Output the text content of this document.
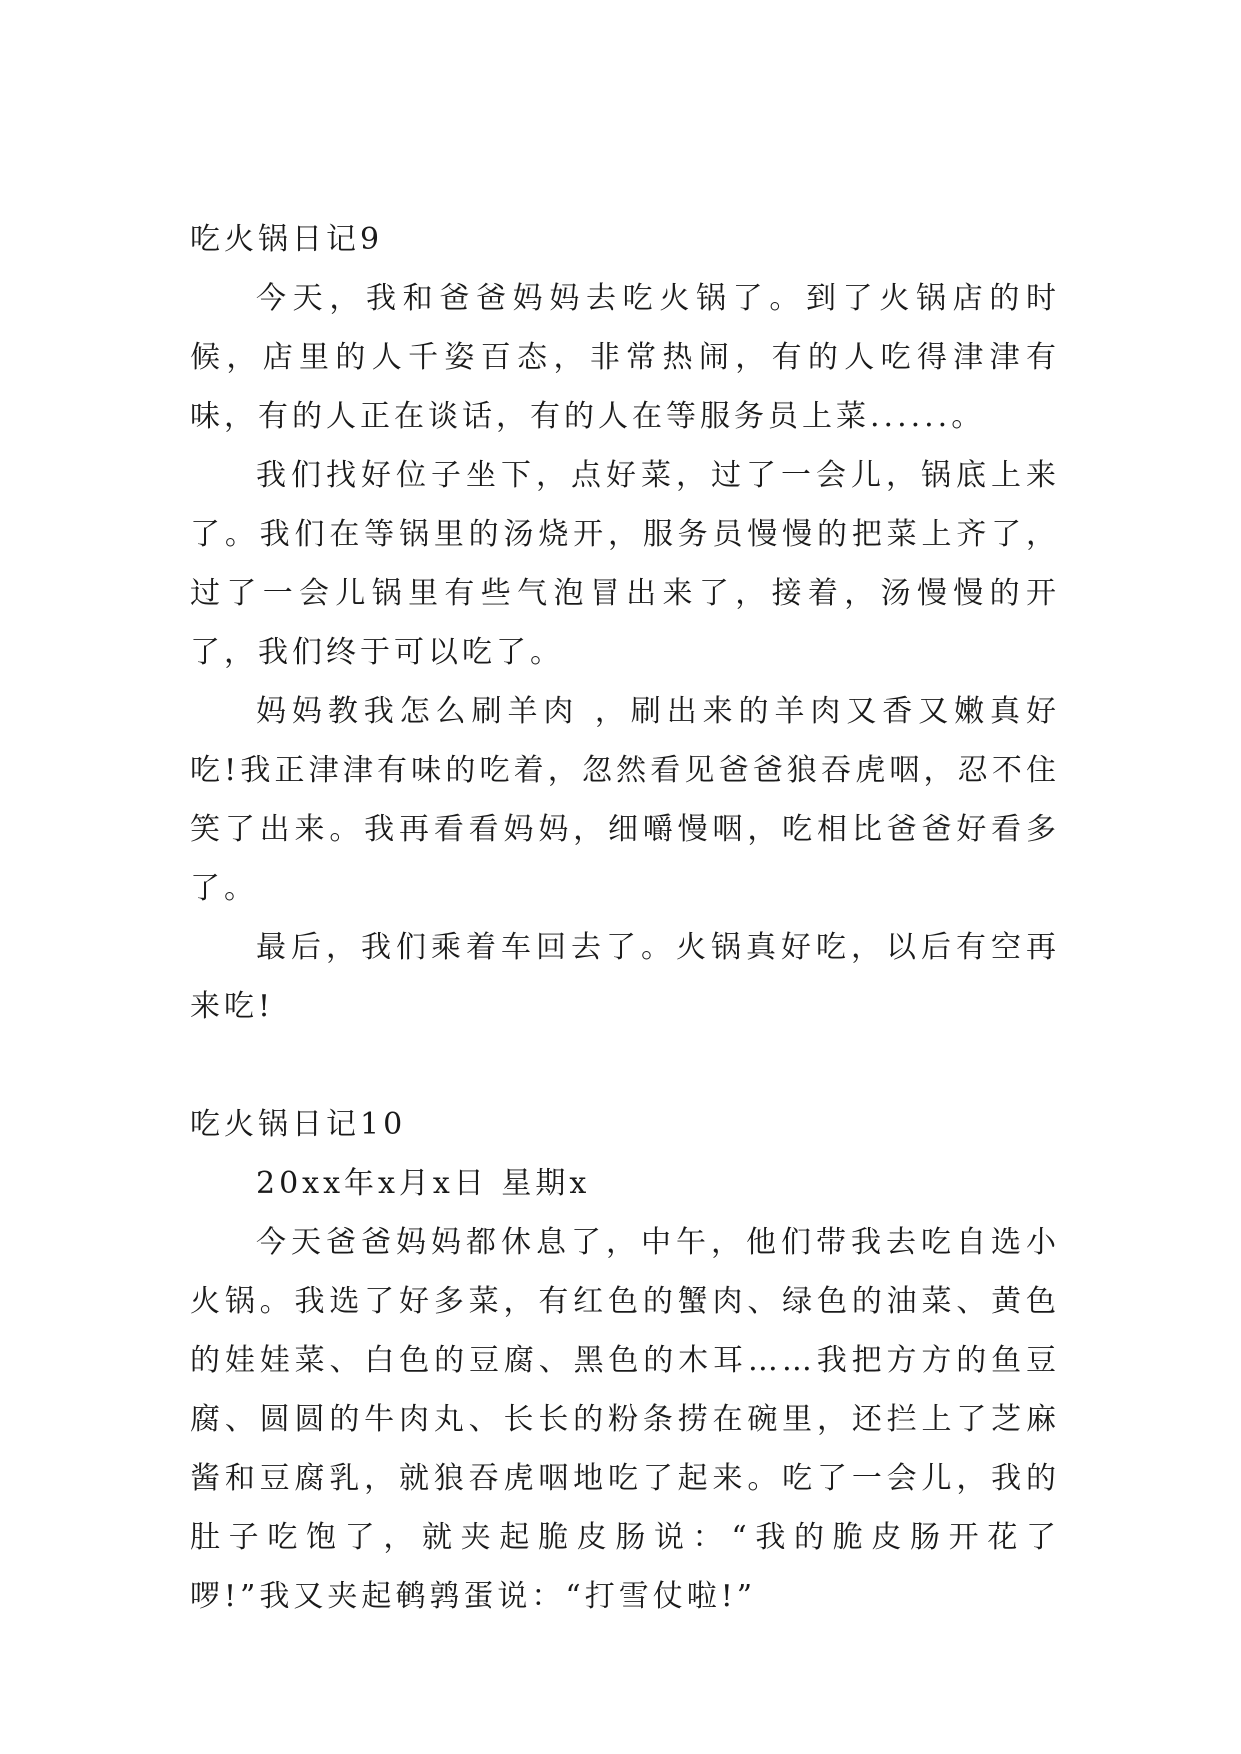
吃火锅日记9

今天，我和爸爸妈妈去吃火锅了。到了火锅店的时候，店里的人千姿百态，非常热闹，有的人吃得津津有味，有的人正在谈话，有的人在等服务员上菜......。

我们找好位子坐下，点好菜，过了一会儿，锅底上来了。我们在等锅里的汤烧开，服务员慢慢的把菜上齐了，过了一会儿锅里有些气泡冒出来了，接着，汤慢慢的开了，我们终于可以吃了。

妈妈教我怎么刷羊肉 ，刷出来的羊肉又香又嫩真好吃!我正津津有味的吃着，忽然看见爸爸狼吞虎咽，忍不住笑了出来。我再看看妈妈，细嚼慢咽，吃相比爸爸好看多了。

最后，我们乘着车回去了。火锅真好吃，以后有空再来吃!

吃火锅日记10

20xx年x月x日 星期x

今天爸爸妈妈都休息了，中午，他们带我去吃自选小火锅。我选了好多菜，有红色的蟹肉、绿色的油菜、黄色的娃娃菜、白色的豆腐、黑色的木耳……我把方方的鱼豆腐、圆圆的牛肉丸、长长的粉条捞在碗里，还拦上了芝麻酱和豆腐乳，就狼吞虎咽地吃了起来。吃了一会儿，我的肚子吃饱了，就夹起脆皮肠说：“我的脆皮肠开花了啰!”我又夹起鹌鹑蛋说：“打雪仗啦!”
